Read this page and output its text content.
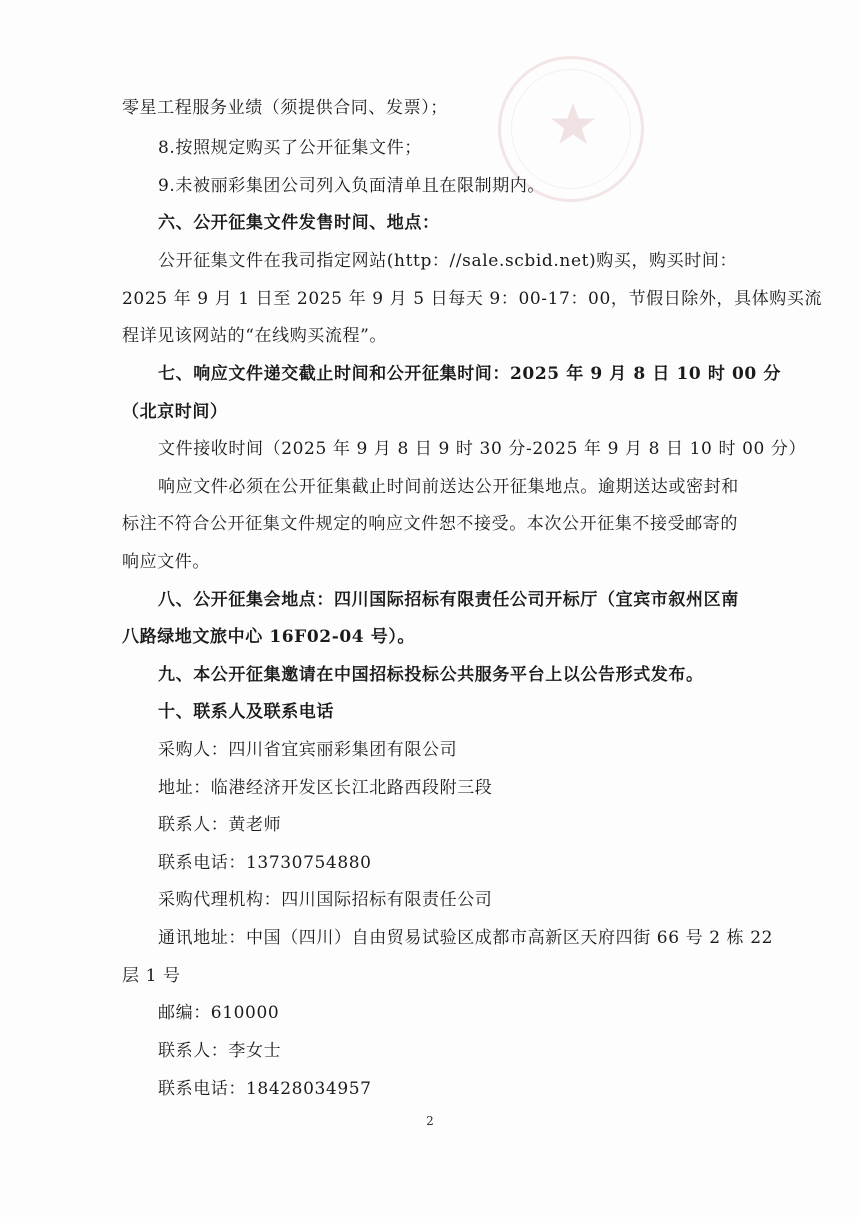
零星工程服务业绩（须提供合同、发票）；
8.按照规定购买了公开征集文件；
9.未被丽彩集团公司列入负面清单且在限制期内。
六、公开征集文件发售时间、地点：
公开征集文件在我司指定网站(http：//sale.scbid.net)购买，购买时间：
2025 年 9 月 1 日至 2025 年 9 月 5 日每天 9：00-17：00，节假日除外，具体购买流
程详见该网站的“在线购买流程”。
七、响应文件递交截止时间和公开征集时间：2025 年 9 月 8 日 10 时 00 分
（北京时间）
文件接收时间（2025 年 9 月 8 日 9 时 30 分-2025 年 9 月 8 日 10 时 00 分）
响应文件必须在公开征集截止时间前送达公开征集地点。逾期送达或密封和
标注不符合公开征集文件规定的响应文件恕不接受。本次公开征集不接受邮寄的
响应文件。
八、公开征集会地点：四川国际招标有限责任公司开标厅（宜宾市叙州区南
八路绿地文旅中心 16F02-04 号）。
九、本公开征集邀请在中国招标投标公共服务平台上以公告形式发布。
十、联系人及联系电话
采购人：四川省宜宾丽彩集团有限公司
地址：临港经济开发区长江北路西段附三段
联系人：黄老师
联系电话：13730754880
采购代理机构：四川国际招标有限责任公司
通讯地址：中国（四川）自由贸易试验区成都市高新区天府四街 66 号 2 栋 22
层 1 号
邮编：610000
联系人：李女士
联系电话：18428034957
2
